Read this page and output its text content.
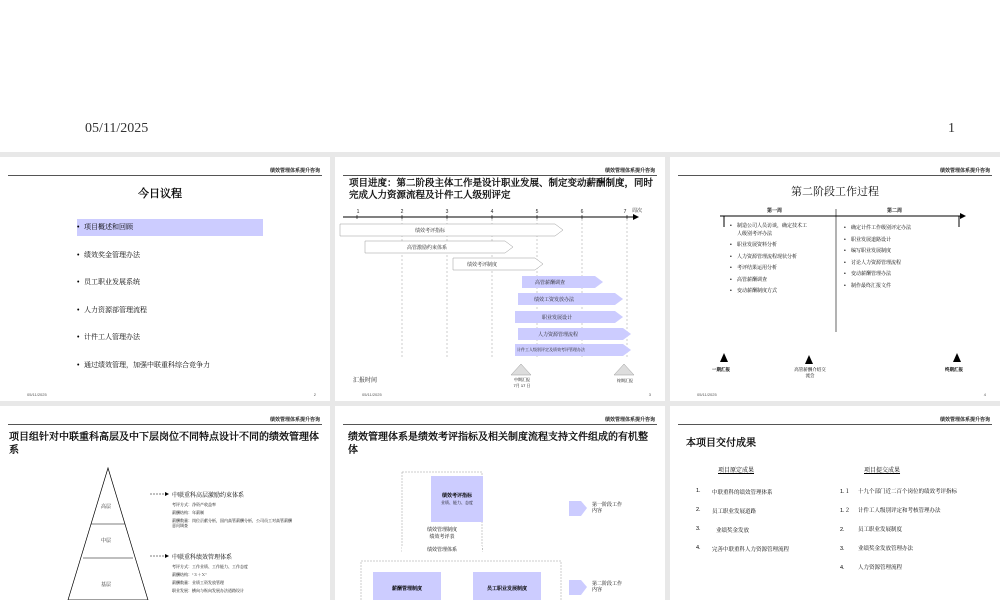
05/11/2025	1
绩效管理体系提升咨询
今日议程
• 项目概述和回顾
• 绩效奖金管理办法
• 员工职业发展系统
• 人力资源部管理流程
• 计件工人管理办法
• 通过绩效管理，加强中联重科综合竞争力
05/11/2025	2
绩效管理体系提升咨询
项目进度：第二阶段主体工作是设计职业发展、制定变动薪酬制度，同时完成人力资源流程及计件工人级别评定
1	2	3	4	5	6	7	周次
绩效考评指标
高管激励约束体系
绩效考评制度
高管薪酬调查
绩效工资发放办法
职业发展设计
人力资源管理流程
计件工人级别评定及绩效考评管理办法
汇报时间	中期汇报
7月 17 日
终期汇报
05/11/2025	3
绩效管理体系提升咨询
第二阶段工作过程
第一周	第二周
• 制造公司人员访谈，确定技术工人级别考评办法
• 职业发展资料分析
• 人力资源管理流程现状分析
• 考评结果运用分析
• 高管薪酬调查
• 变动薪酬制度方式
• 确定计件工作级别评定办法
• 职业发展道路设计
• 编写职业发展制度
• 讨论人力资源管理流程
• 变动薪酬管理办法
• 制作最终汇报文件
一期汇报	高管薪酬介绍交流会
终期汇报
05/11/2025	4
绩效管理体系提升咨询
项目组针对中联重科高层及中下层岗位不同特点设计不同的绩效管理体系
高层
中层
基层
中联重科高层激励约束体系
考评方式：净资产收益率
薪酬结构：年薪制
薪酬数量：岗位贡献分析，国内高管薪酬分析，公司员工对高管薪酬意问调查
中联重科绩效管理体系
考评方式：工作业绩、工作能力、工作态度
薪酬结构：“３＋Ｘ”
薪酬数量：业绩工资发放管理
职业发展：横向与纵向发展办法道路设计
绩效管理体系提升咨询
绩效管理体系是绩效考评指标及相关制度流程支持文件组成的有机整体
绩效考评指标
业绩、能力、态度
绩效管理制度
绩效考评表
绩效管理体系
第一阶段工作内容
薪酬管理制度	员工职业发展制度
第二阶段工作内容
绩效管理体系提升咨询
本项目交付成果
项目原定成果	项目提交成果
1.	中联重科的绩效管理体系
2.	员工职业发展道路
3.	业绩奖金发放
4.	完善中联重科人力资源管理流程
1.１	十九个部门近二百个岗位的绩效考评指标
1.２	计件工人级别评定和考核管理办法
2.	员工职业发展制度
3.	业绩奖金发放管理办法
4.	人力资源管理流程
